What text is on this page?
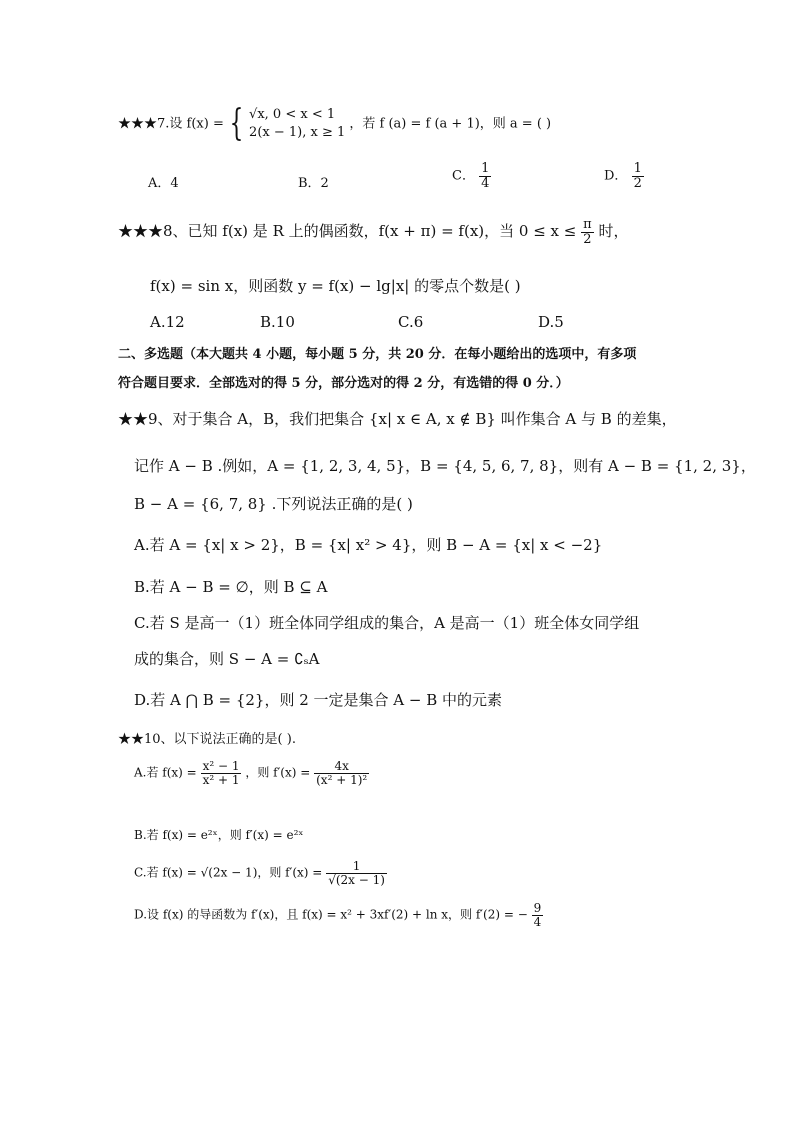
★★★7.设 f(x) = { √x, 0 < x < 1
2(x − 1), x ≥ 1
，若 f (a) = f (a + 1)，则 a = ( )
A．4	B．2	C． $\frac{1}{4}$	D． $\frac{1}{2}$
★★★8、已知 f(x) 是 R 上的偶函数，f(x + π) = f(x)，当 $0 \le x \le \frac{\pi}{2}$ 时，
f(x) = sin x，则函数 y = f(x) − lg|x| 的零点个数是( )
A.12	B.10	C.6	D.5
二、多选题（本大题共 4 小题，每小题 5 分，共 20 分．在每小题给出的选项中，有多项
符合题目要求．全部选对的得 5 分，部分选对的得 2 分，有选错的得 0 分．）
★★9、对于集合 A，B，我们把集合 {x| x ∈ A, x ∉ B} 叫作集合 A 与 B 的差集，
记作 A − B .例如，A = {1, 2, 3, 4, 5}，B = {4, 5, 6, 7, 8}，则有 A − B = {1, 2, 3}，
B − A = {6, 7, 8} .下列说法正确的是( )
A.若 A = {x| x > 2}，B = {x| x² > 4}，则 B − A = {x| x < −2}
B.若 A − B = ∅，则 B ⊆ A
C.若 S 是高一（1）班全体同学组成的集合，A 是高一（1）班全体女同学组
成的集合，则 S − A = ∁ₛA
D.若 A ⋂ B = {2}，则 2 一定是集合 A − B 中的元素
★★10、以下说法正确的是( ).
A.若 $f(x) = \frac{\text{x² − 1}}{\text{x² + 1}}$ ，则 $f'(x) = \frac{4x}{\text{(x² + 1)²}}$
B.若 f(x) = e²ˣ，则 f′(x) = e²ˣ
C.若 f(x) = √(2x − 1)，则 $f'(x) = \frac{1}{√(2x - 1)}$
D.设 f(x) 的导函数为 f′(x)，且 f(x) = x² + 3xf′(2) + ln x，则 f′(2) = − $\frac{9}{4}$
